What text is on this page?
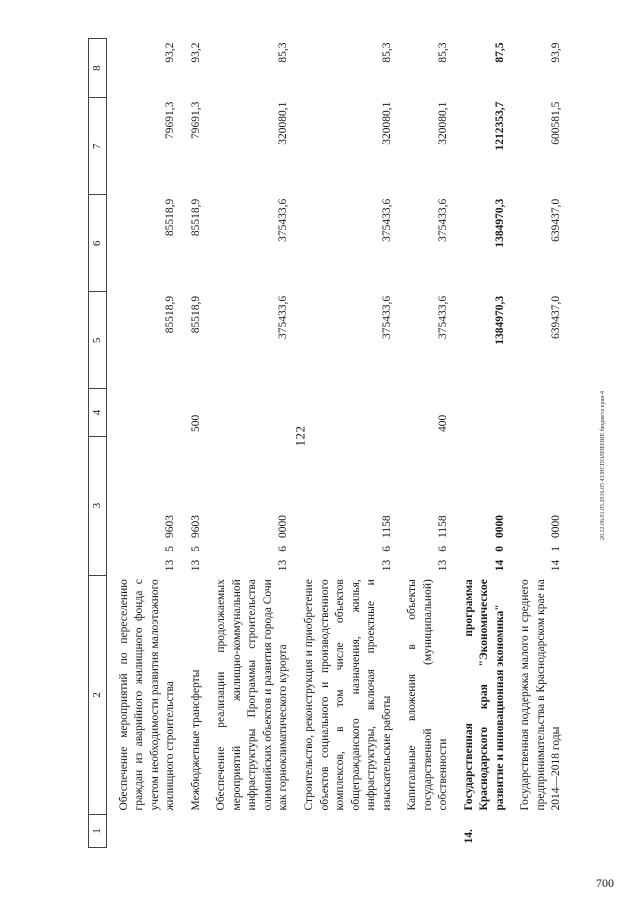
122	20.12.06.01.05.2016.05 43/ИСПОЛНЕНИЕ бюджета края-4
700
1	2	3	4	5	6	7	8
	Обеспечение мероприятий по переселению граждан из аварийного жилищного фонда с учетом необходимости развития малоэтажного жилищного строительства	1359603		85518,9	85518,9	79691,3	93,2
	Межбюджетные трансферты	1359603	500	85518,9	85518,9	79691,3	93,2
	Обеспечение реализации продолжаемых мероприятий жилищно-коммунальной инфраструктуры Программы строительства олимпийских объектов и развития города Сочи как горноклиматического курорта	1360000		375433,6	375433,6	320080,1	85,3
	Строительство, реконструкция и приобретение объектов социального и производственного комплексов, в том числе объектов общегражданского назначения, жилья, инфраструктуры, включая проектные и изыскательские работы	1361158		375433,6	375433,6	320080,1	85,3
	Капитальные вложения в объекты государственной (муниципальной) собственности	1361158	400	375433,6	375433,6	320080,1	85,3
14.	Государственная программа Краснодарского края "Экономическое развитие и инновационная экономика"	1400000		1384970,3	1384970,3	1212353,7	87,5
	Государственная поддержка малого и среднего предпринимательства в Краснодарском крае на 2014—2018 годы	1410000		639437,0	639437,0	600581,5	93,9
